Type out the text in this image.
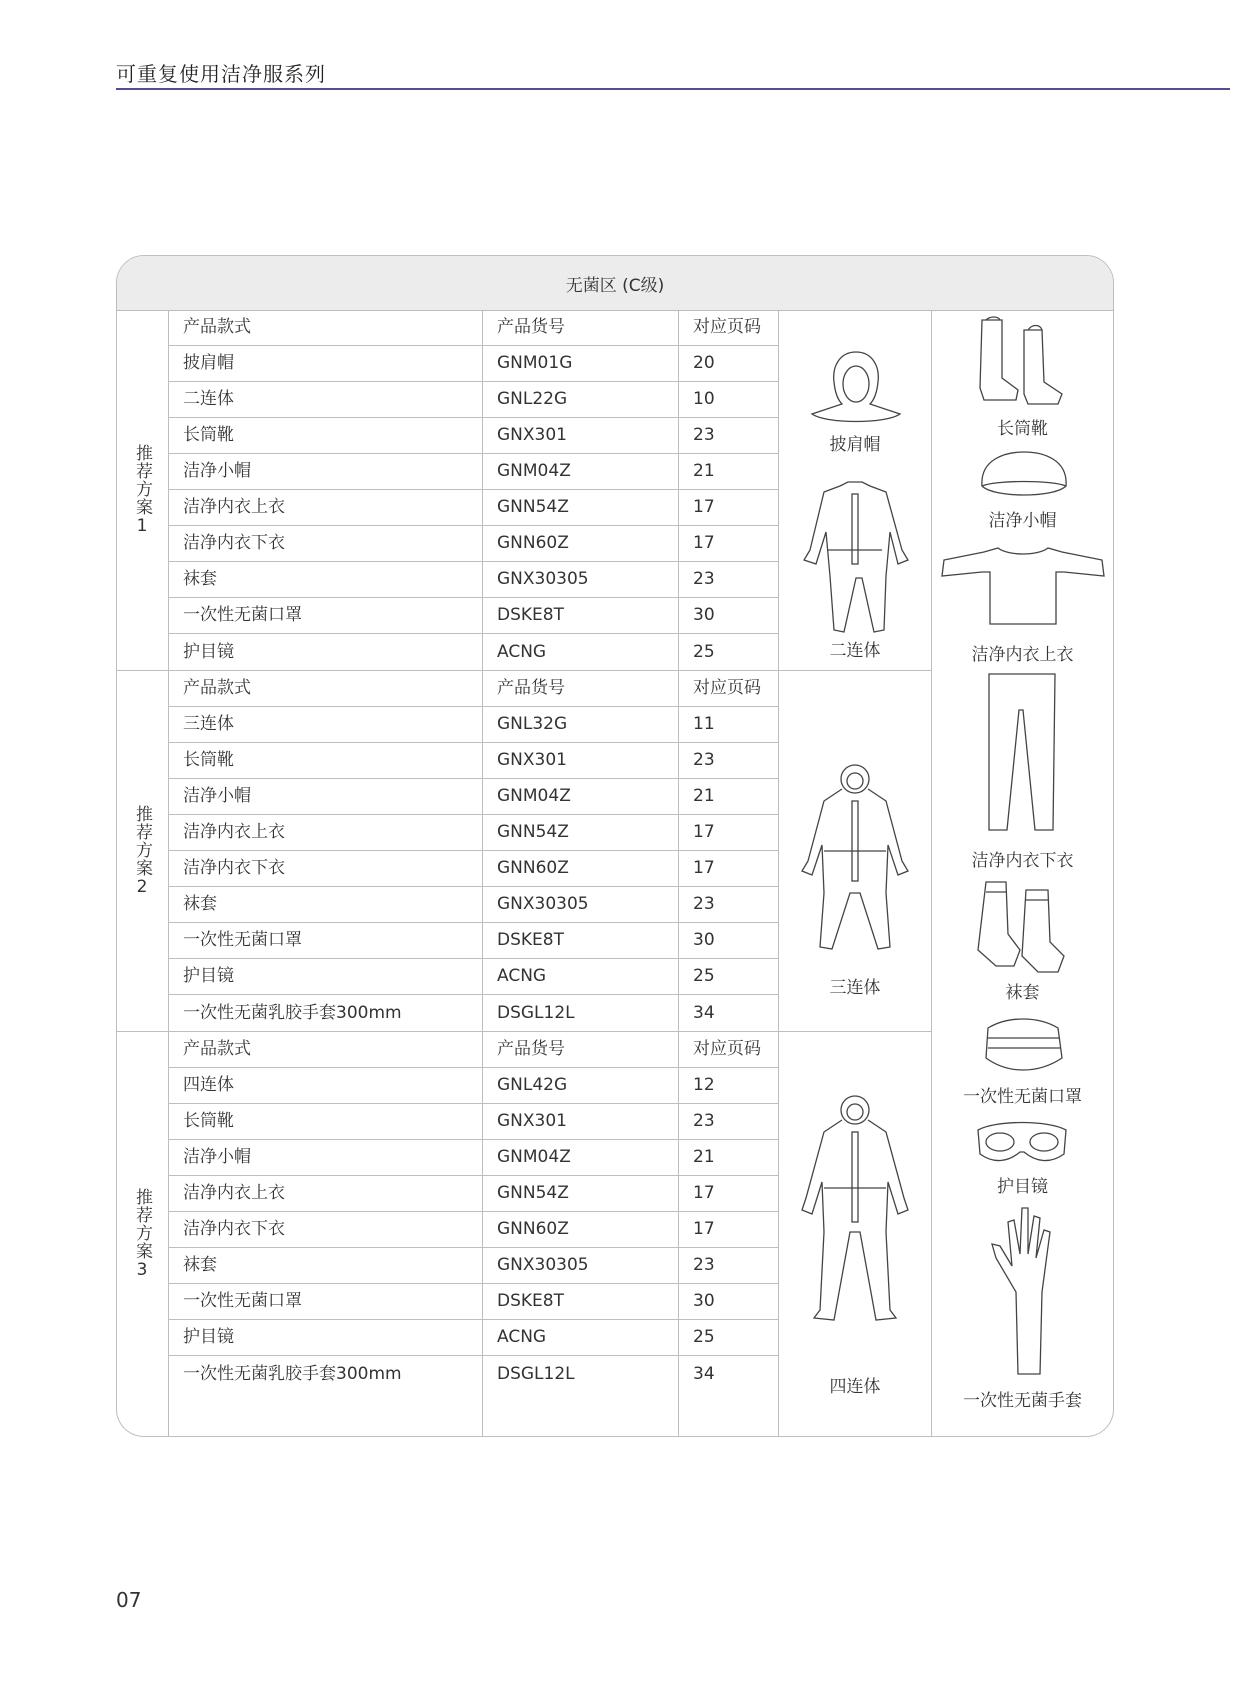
可重复使用洁净服系列
无菌区 (C级)
推荐方案1
推荐方案2
推荐方案3
产品款式	产品货号	对应页码
披肩帽	GNM01G	20
二连体	GNL22G	10
长筒靴	GNX301	23
洁净小帽	GNM04Z	21
洁净内衣上衣	GNN54Z	17
洁净内衣下衣	GNN60Z	17
袜套	GNX30305	23
一次性无菌口罩	DSKE8T	30
护目镜	ACNG	25
产品款式	产品货号	对应页码
三连体	GNL32G	11
长筒靴	GNX301	23
洁净小帽	GNM04Z	21
洁净内衣上衣	GNN54Z	17
洁净内衣下衣	GNN60Z	17
袜套	GNX30305	23
一次性无菌口罩	DSKE8T	30
护目镜	ACNG	25
一次性无菌乳胶手套300mm	DSGL12L	34
产品款式	产品货号	对应页码
四连体	GNL42G	12
长筒靴	GNX301	23
洁净小帽	GNM04Z	21
洁净内衣上衣	GNN54Z	17
洁净内衣下衣	GNN60Z	17
袜套	GNX30305	23
一次性无菌口罩	DSKE8T	30
护目镜	ACNG	25
一次性无菌乳胶手套300mm	DSGL12L	34
披肩帽
二连体
三连体
四连体
长筒靴
洁净小帽
洁净内衣上衣
洁净内衣下衣
袜套
一次性无菌口罩
护目镜
一次性无菌手套
07
